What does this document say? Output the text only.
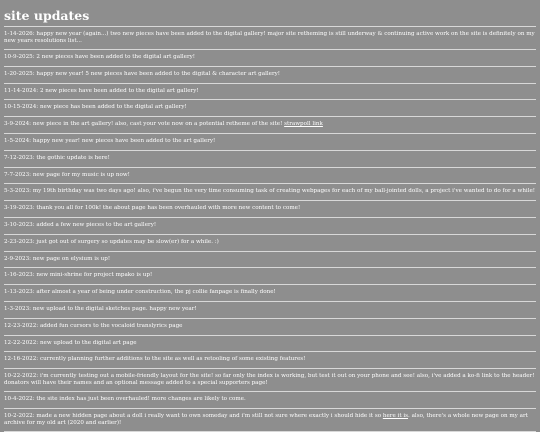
site updates
1-14-2026: happy new year (again...) two new pieces have been added to the digital gallery! major site retheming is still underway & continuing active work on the site is definitely on my new years resolutions list...
10-9-2025: 2 new pieces have been added to the digital art gallery!
1-20-2025: happy new year! 5 new pieces have been added to the digital & character art gallery!
11-14-2024: 2 new pieces have been added to the digital art gallery!
10-15-2024: new piece has been added to the digital art gallery!
3-9-2024: new piece in the art gallery! also, cast your vote now on a potential retheme of the site! strawpoll link
1-5-2024: happy new year! new pieces have been added to the art gallery!
7-12-2023: the gothic update is here!
7-7-2023: new page for my music is up now!
5-3-2023: my 19th birthday was two days ago! also, i've begun the very time consuming task of creating webpages for each of my ball-jointed dolls, a project i've wanted to do for a while!
3-19-2023: thank you all for 100k! the about page has been overhauled with more new content to come!
3-10-2023: added a few new pieces to the art gallery!
2-23-2023: just got out of surgery so updates may be slow(er) for a while. :)
2-9-2023: new page on elysium is up!
1-16-2023: new mini-shrine for project mpako is up!
1-13-2023: after almost a year of being under construction, the pj collie fanpage is finally done!
1-3-2023: new upload to the digital sketches page. happy new year!
12-23-2022: added fun cursors to the vocaloid translyrics page
12-22-2022: new upload to the digital art page
12-16-2022: currently planning further additions to the site as well as retooling of some existing features!
10-22-2022: i'm currently testing out a mobile-friendly layout for the site! so far only the index is working, but test it out on your phone and see! also, i've added a ko-fi link to the header! donators will have their names and an optional message added to a special supporters page!
10-4-2022: the site index has just been overhauled! more changes are likely to come.
10-2-2022: made a new hidden page about a doll i really want to own someday and i'm still not sure where exactly i should hide it so here it is. also, there's a whole new page on my art archive for my old art (2020 and earlier)!
